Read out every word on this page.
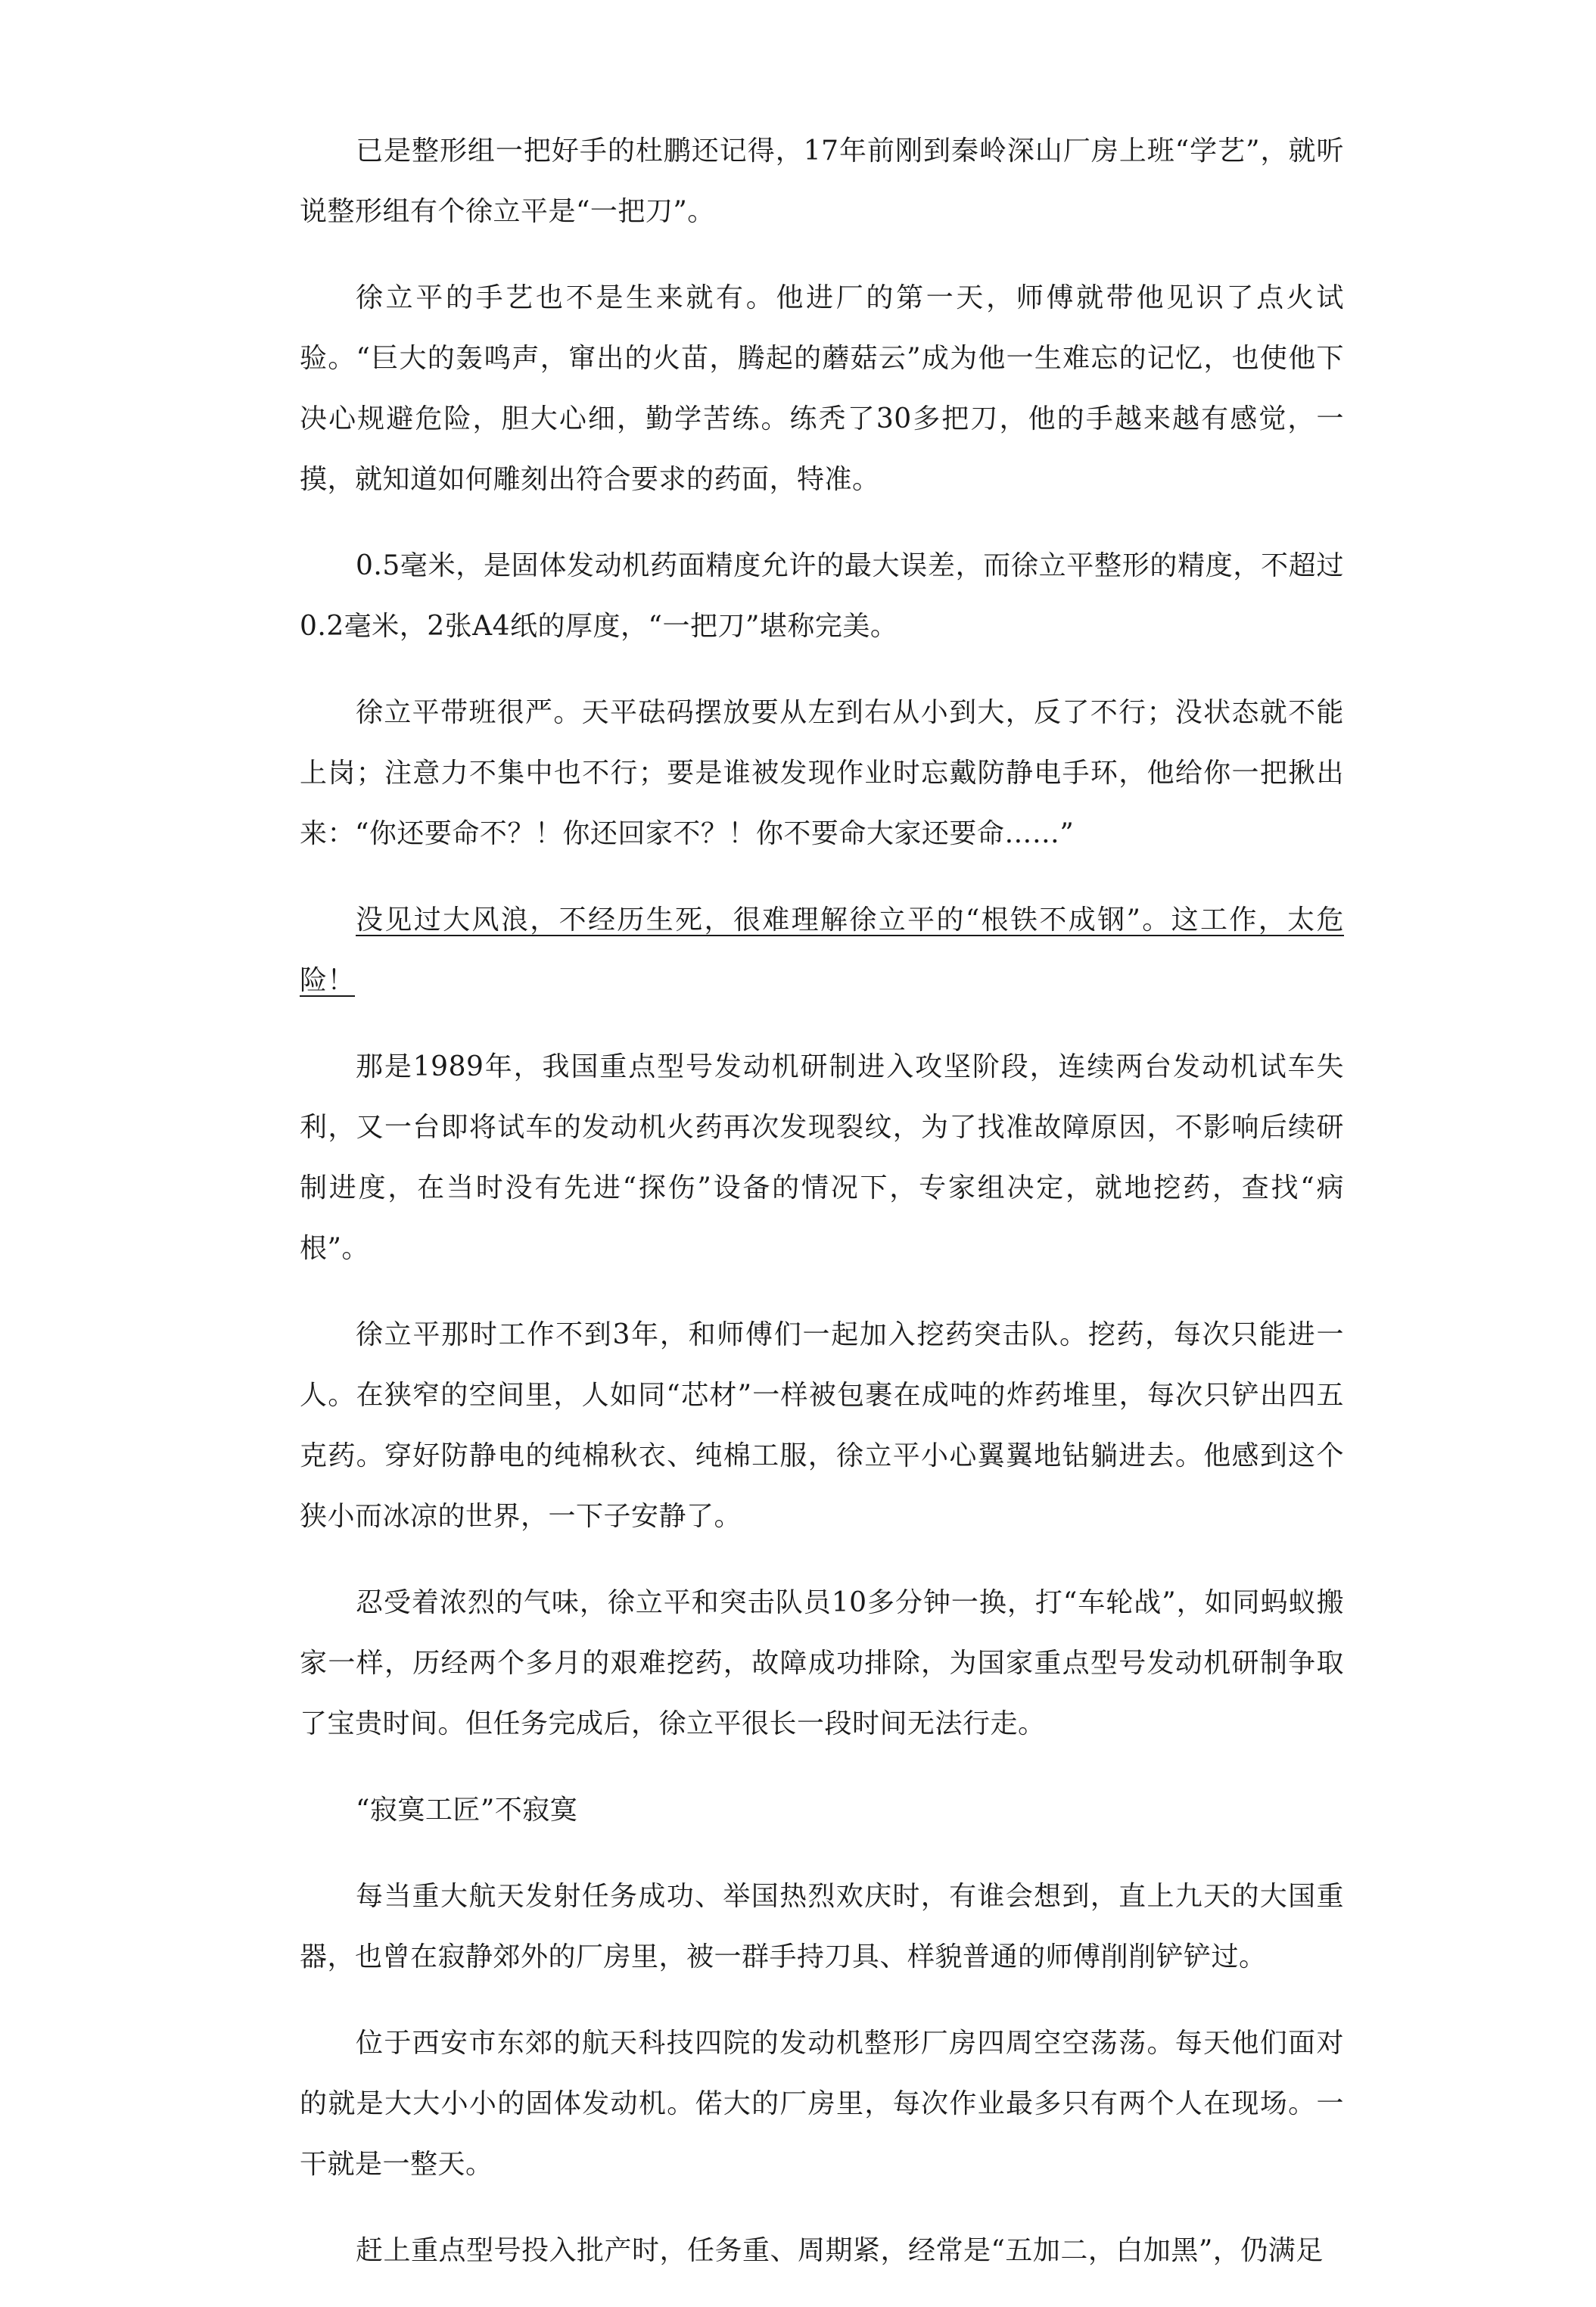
已是整形组一把好手的杜鹏还记得，17年前刚到秦岭深山厂房上班“学艺”，就听说整形组有个徐立平是“一把刀”。

徐立平的手艺也不是生来就有。他进厂的第一天，师傅就带他见识了点火试验。“巨大的轰鸣声，窜出的火苗，腾起的蘑菇云”成为他一生难忘的记忆，也使他下决心规避危险，胆大心细，勤学苦练。练秃了30多把刀，他的手越来越有感觉，一摸，就知道如何雕刻出符合要求的药面，特准。

0.5毫米，是固体发动机药面精度允许的最大误差，而徐立平整形的精度，不超过0.2毫米，2张A4纸的厚度，“一把刀”堪称完美。

徐立平带班很严。天平砝码摆放要从左到右从小到大，反了不行；没状态就不能上岗；注意力不集中也不行；要是谁被发现作业时忘戴防静电手环，他给你一把揪出来：“你还要命不？！你还回家不？！你不要命大家还要命……”

没见过大风浪，不经历生死，很难理解徐立平的“根铁不成钢”。这工作，太危险！

那是1989年，我国重点型号发动机研制进入攻坚阶段，连续两台发动机试车失利，又一台即将试车的发动机火药再次发现裂纹，为了找准故障原因，不影响后续研制进度，在当时没有先进“探伤”设备的情况下，专家组决定，就地挖药，查找“病根”。

徐立平那时工作不到3年，和师傅们一起加入挖药突击队。挖药，每次只能进一人。在狭窄的空间里，人如同“芯材”一样被包裹在成吨的炸药堆里，每次只铲出四五克药。穿好防静电的纯棉秋衣、纯棉工服，徐立平小心翼翼地钻躺进去。他感到这个狭小而冰凉的世界，一下子安静了。

忍受着浓烈的气味，徐立平和突击队员10多分钟一换，打“车轮战”，如同蚂蚁搬家一样，历经两个多月的艰难挖药，故障成功排除，为国家重点型号发动机研制争取了宝贵时间。但任务完成后，徐立平很长一段时间无法行走。

“寂寞工匠”不寂寞

每当重大航天发射任务成功、举国热烈欢庆时，有谁会想到，直上九天的大国重器，也曾在寂静郊外的厂房里，被一群手持刀具、样貌普通的师傅削削铲铲过。

位于西安市东郊的航天科技四院的发动机整形厂房四周空空荡荡。每天他们面对的就是大大小小的固体发动机。偌大的厂房里，每次作业最多只有两个人在现场。一干就是一整天。

赶上重点型号投入批产时，任务重、周期紧，经常是“五加二，白加黑”，仍满足
